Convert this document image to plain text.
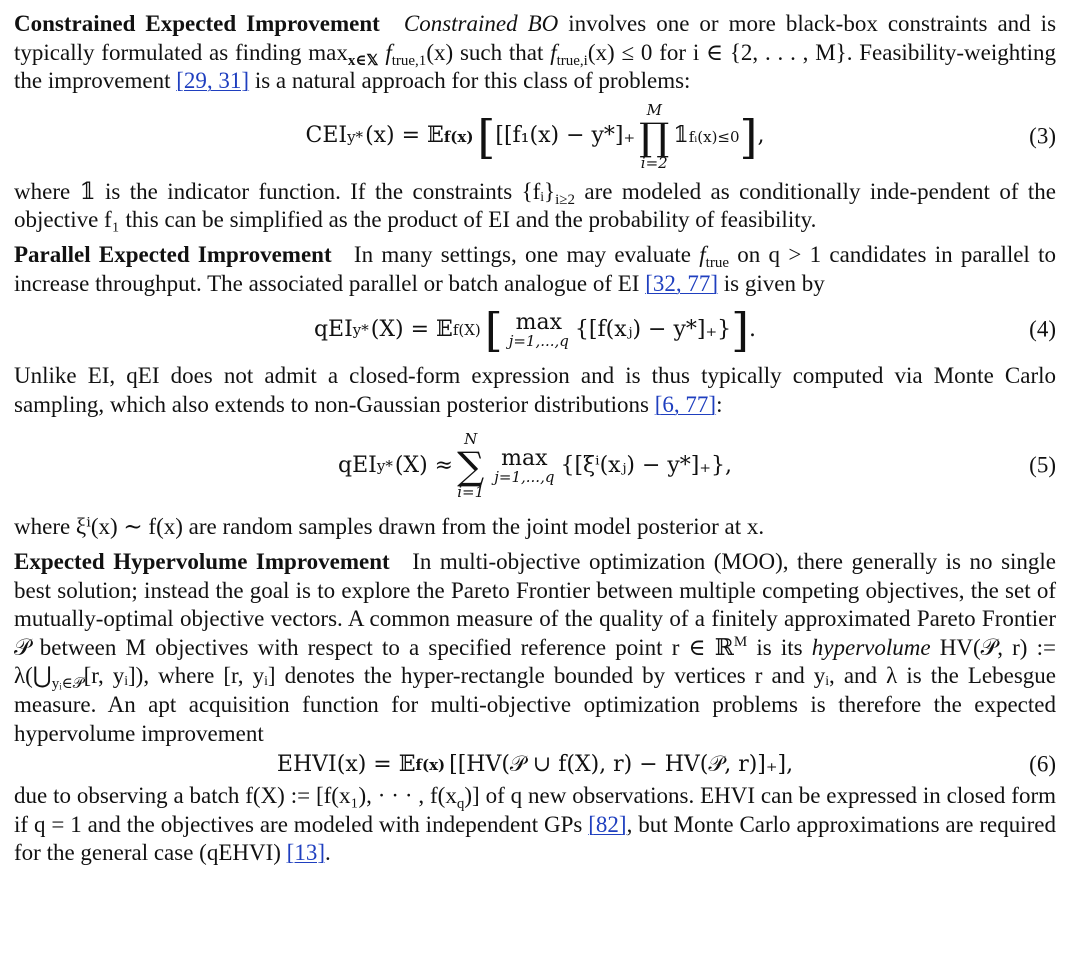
Constrained Expected Improvement Constrained BO involves one or more black-box constraints and is typically formulated as finding $\max_{x\in 𝕏} f_{true,1}(x)$ such that $f_{true,i}(x) \le 0$ for i ∈ {2, . . . , M}. Feasibility-weighting the improvement [29, 31] is a natural approach for this class of problems:

CEI y* (x) = 𝔼 f(x) [ [[f₁(x) − y*]₊
M
∏
i=2
𝟙 fᵢ(x)≤0 ] ,	(3)

where 𝟙 is the indicator function. If the constraints $\{fᵢ\}_{i\ge 2}$ are modeled as conditionally inde-pendent of the objective f₁ this can be simplified as the product of EI and the probability of feasibility.

Parallel Expected Improvement In many settings, one may evaluate $f_{true}$ on q > 1 candidates in parallel to increase throughput. The associated parallel or batch analogue of EI [32, 77] is given by

qEI y* (X) = 𝔼 f(X) [ max
j=1,...,q {[f(xⱼ) − y*]₊} ] .	(4)

Unlike EI, qEI does not admit a closed-form expression and is thus typically computed via Monte Carlo sampling, which also extends to non-Gaussian posterior distributions [6, 77]:

qEI y* (X) ≈
N
∑
i=1
max
j=1,...,q {[ξⁱ(xⱼ) − y*]₊},	(5)

where ξⁱ(x) ∼ f(x) are random samples drawn from the joint model posterior at x.

Expected Hypervolume Improvement In multi-objective optimization (MOO), there generally is no single best solution; instead the goal is to explore the Pareto Frontier between multiple competing objectives, the set of mutually-optimal objective vectors. A common measure of the quality of a finitely approximated Pareto Frontier 𝒫 between M objectives with respect to a specified reference point r ∈ ℝ$^M$ is its hypervolume HV(𝒫, r) := $\lambda(⋃_{yᵢ\in 𝒫}[r$, yᵢ]), where [r, yᵢ] denotes the hyper-rectangle bounded by vertices r and yᵢ, and λ is the Lebesgue measure. An apt acquisition function for multi-objective optimization problems is therefore the expected hypervolume improvement

EHVI(x) = 𝔼 f(x) [[HV(𝒫 ∪ f(X), r) − HV(𝒫, r)]₊],	(6)

due to observing a batch f(X) := [f(x₁), · · · , $f(x_q)$] of q new observations. EHVI can be expressed in closed form if q = 1 and the objectives are modeled with independent GPs [82], but Monte Carlo approximations are required for the general case (qEHVI) [13].
